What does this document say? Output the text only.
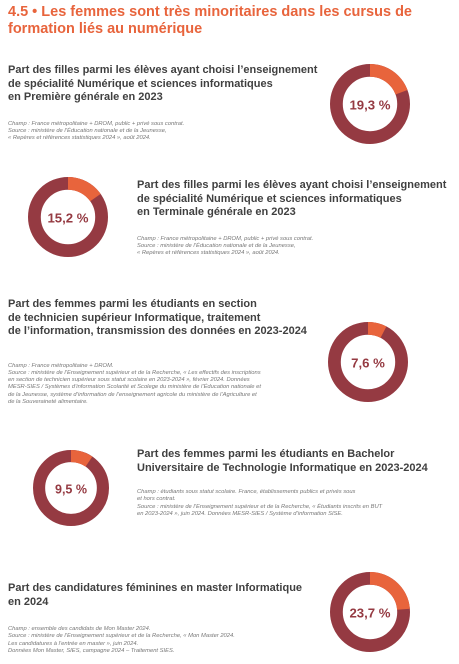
4.5 • Les femmes sont très minoritaires dans les cursus de formation liés au numérique
Part des filles parmi les élèves ayant choisi l’enseignement
de spécialité Numérique et sciences informatiques
en Première générale en 2023
Champ : France métropolitaine + DROM, public + privé sous contrat.
Source : ministère de l’Éducation nationale et de la Jeunesse,
« Repères et références statistiques 2024 », août 2024.
19,3 %
Part des filles parmi les élèves ayant choisi l’enseignement
de spécialité Numérique et sciences informatiques
en Terminale générale en 2023
Champ : France métropolitaine + DROM, public + privé sous contrat.
Source : ministère de l’Éducation nationale et de la Jeunesse,
« Repères et références statistiques 2024 », août 2024.
15,2 %
Part des femmes parmi les étudiants en section
de technicien supérieur Informatique, traitement
de l’information, transmission des données en 2023-2024
Champ : France métropolitaine + DROM.
Source : ministère de l’Enseignement supérieur et de la Recherche, « Les effectifs des inscriptions
en section de technicien supérieur sous statut scolaire en 2023-2024 », février 2024. Données
MESR-SIES / Systèmes d’information Scolarité et Scolege du ministère de l’Éducation nationale et
de la Jeunesse, système d’information de l’enseignement agricole du ministère de l’Agriculture et
de la Souveraineté alimentaire.
7,6 %
Part des femmes parmi les étudiants en Bachelor
Universitaire de Technologie Informatique en 2023-2024
Champ : étudiants sous statut scolaire. France, établissements publics et privés sous
et hors contrat.
Source : ministère de l’Enseignement supérieur et de la Recherche, « Étudiants inscrits en BUT
en 2023-2024 », juin 2024. Données MESR-SIES / Système d’information SISE.
9,5 %
Part des candidatures féminines en master Informatique
en 2024
Champ : ensemble des candidats de Mon Master 2024.
Source : ministère de l’Enseignement supérieur et de la Recherche, « Mon Master 2024.
Les candidatures à l’entrée en master », juin 2024.
Données Mon Master, SIES, campagne 2024 – Traitement SIES.
23,7 %
